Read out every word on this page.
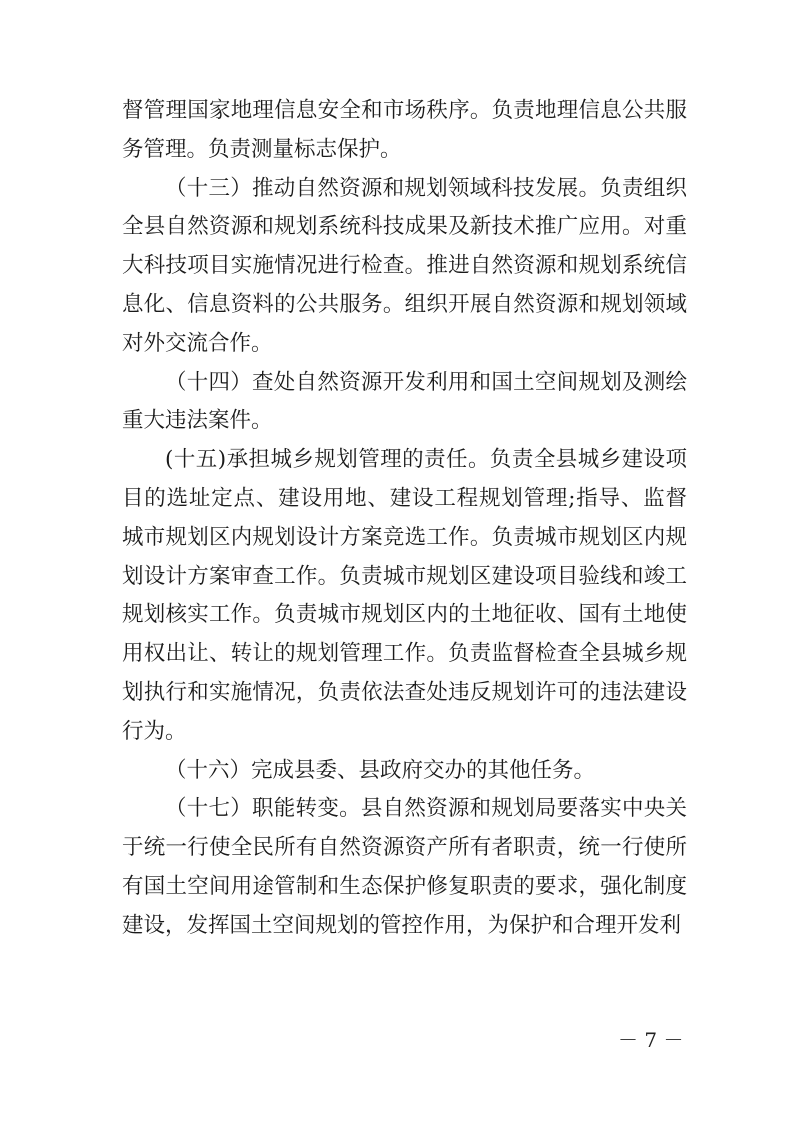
督管理国家地理信息安全和市场秩序。负责地理信息公共服务管理。负责测量标志保护。

（十三）推动自然资源和规划领域科技发展。负责组织全县自然资源和规划系统科技成果及新技术推广应用。对重大科技项目实施情况进行检查。推进自然资源和规划系统信息化、信息资料的公共服务。组织开展自然资源和规划领域对外交流合作。

（十四）查处自然资源开发利用和国土空间规划及测绘重大违法案件。

(十五)承担城乡规划管理的责任。负责全县城乡建设项目的选址定点、建设用地、建设工程规划管理;指导、监督城市规划区内规划设计方案竞选工作。负责城市规划区内规划设计方案审查工作。负责城市规划区建设项目验线和竣工规划核实工作。负责城市规划区内的土地征收、国有土地使用权出让、转让的规划管理工作。负责监督检查全县城乡规划执行和实施情况，负责依法查处违反规划许可的违法建设行为。

（十六）完成县委、县政府交办的其他任务。

（十七）职能转变。县自然资源和规划局要落实中央关于统一行使全民所有自然资源资产所有者职责，统一行使所有国土空间用途管制和生态保护修复职责的要求，强化制度建设，发挥国土空间规划的管控作用，为保护和合理开发利

－ 7 －
